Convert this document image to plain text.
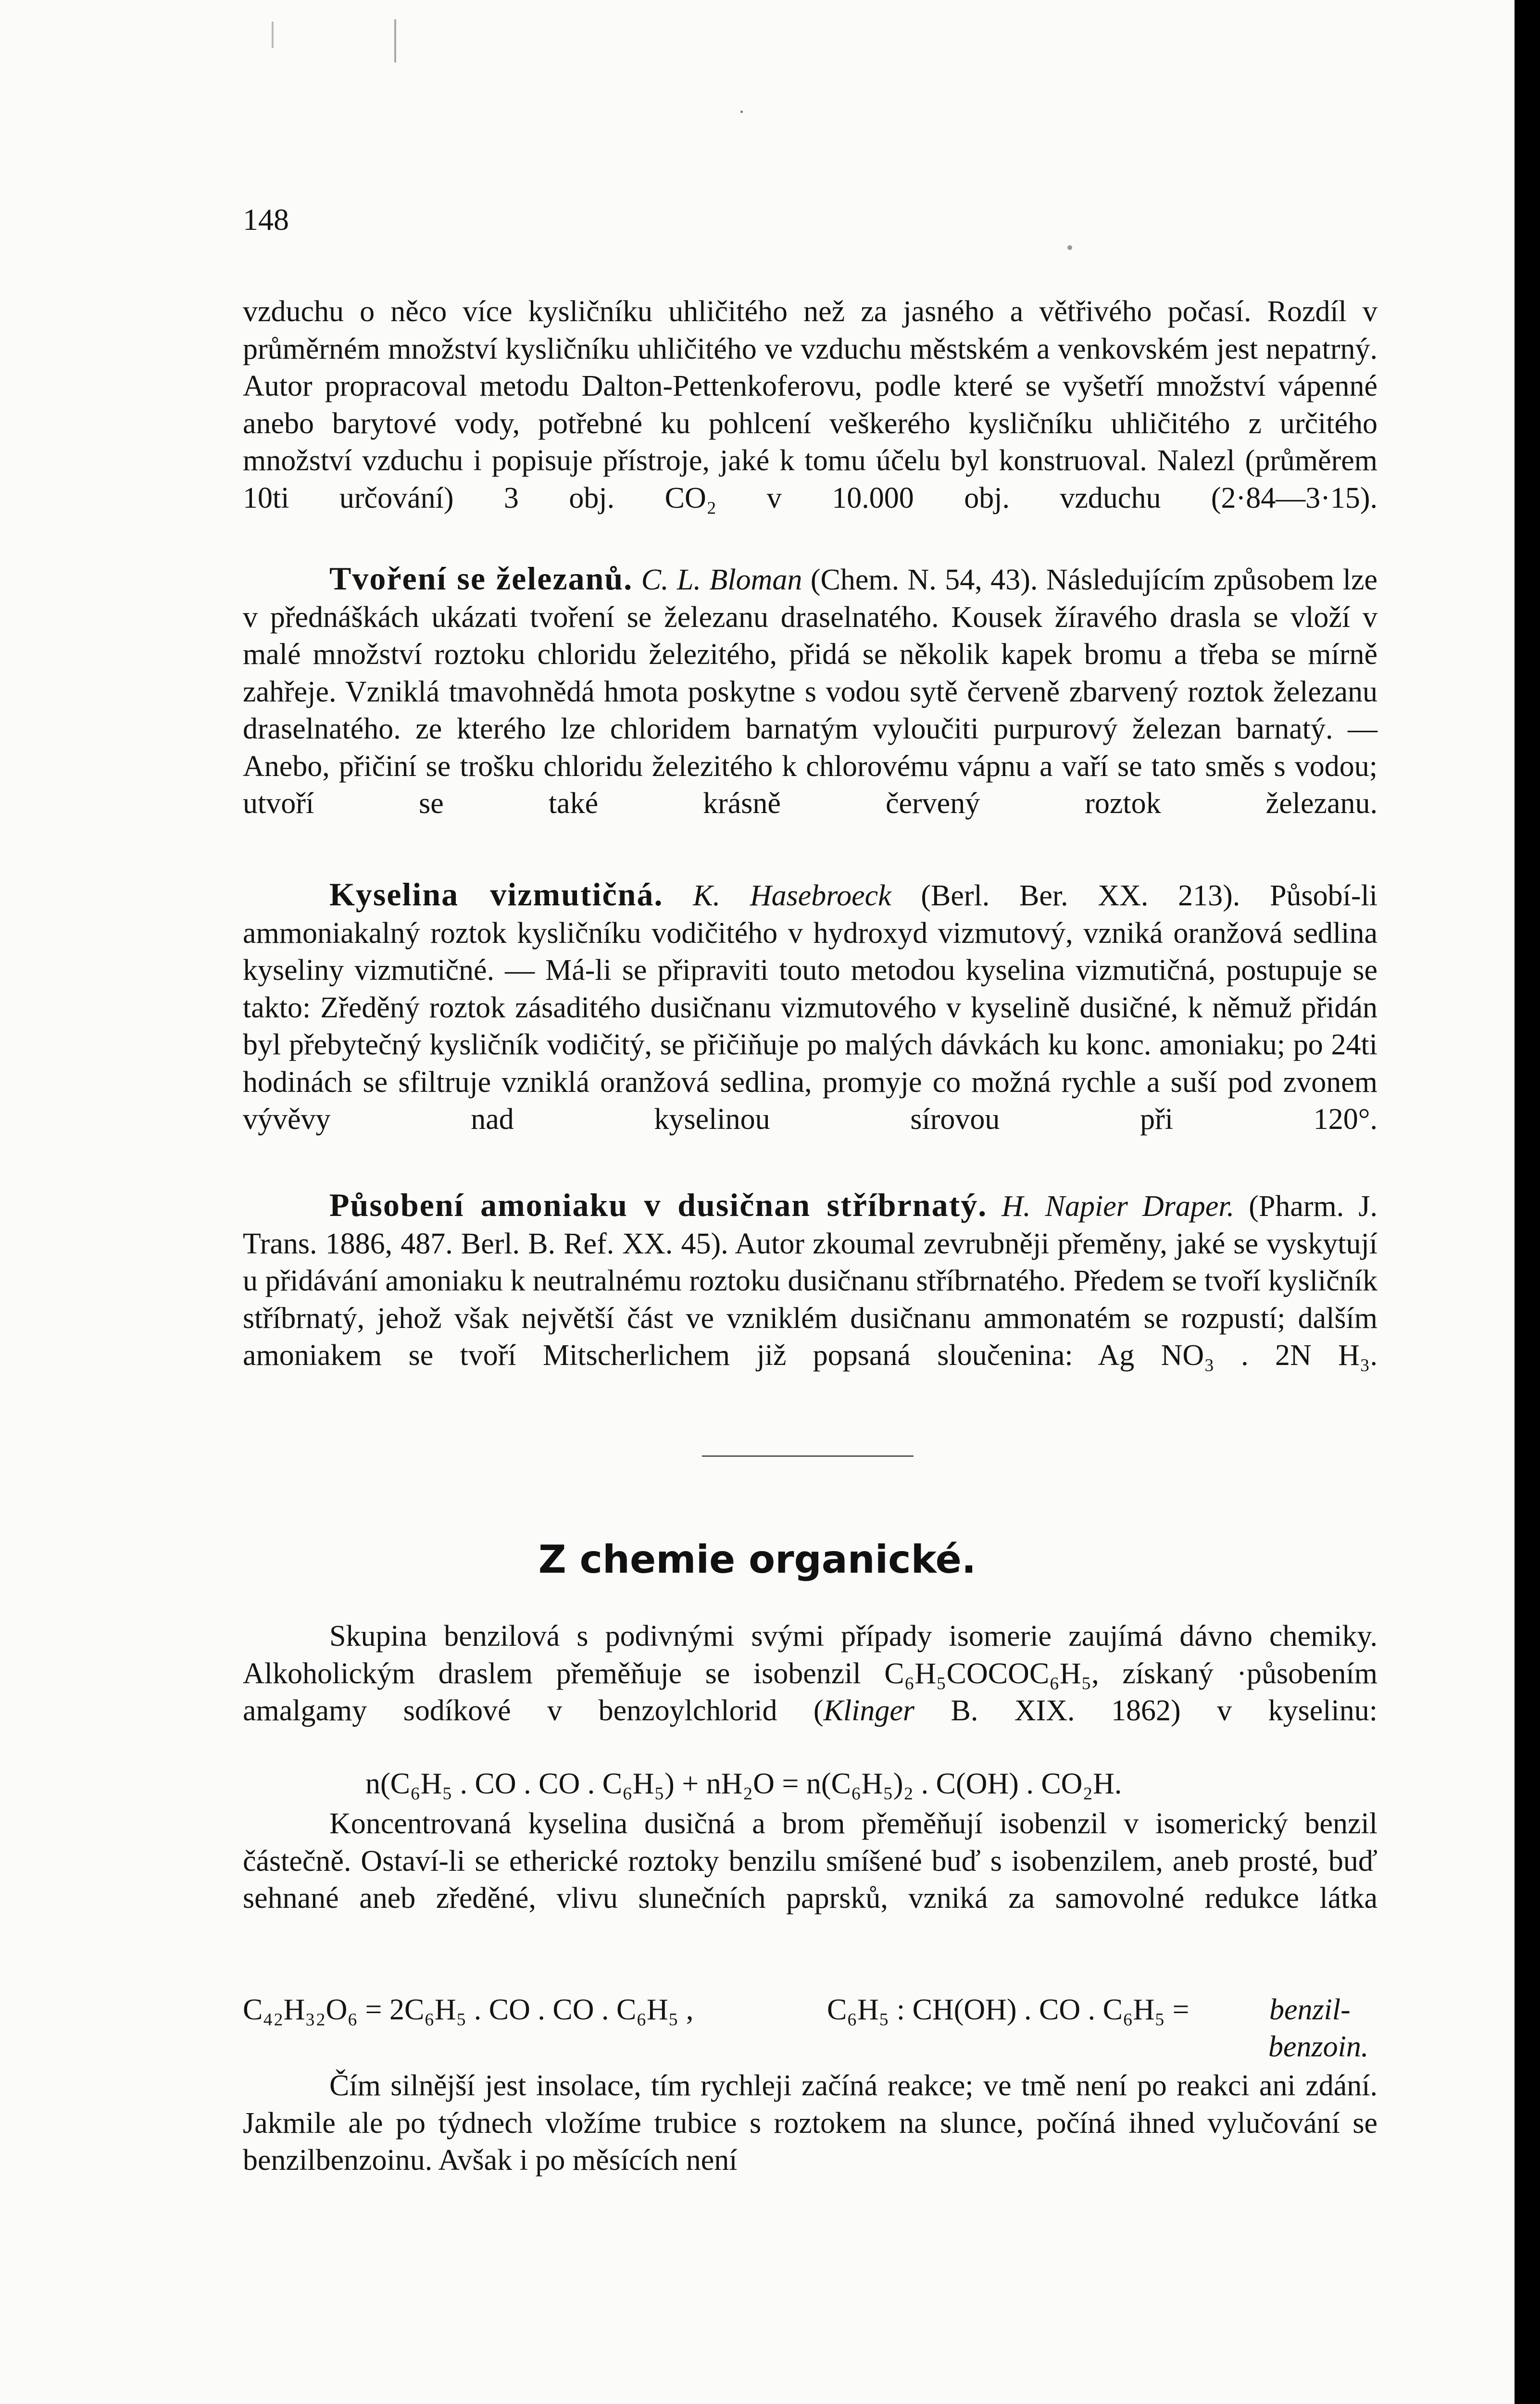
148

vzduchu o něco více kysličníku uhličitého než za jasného a větřivého počasí. Rozdíl v průměrném množství kysličníku uhličitého ve vzduchu městském a venkovském jest nepatrný. Autor propracoval metodu Dalton-Pettenkoferovu, podle které se vyšetří množství vápenné anebo barytové vody, potřebné ku pohlcení veškerého kysličníku uhličitého z určitého množství vzduchu i popisuje přístroje, jaké k tomu účelu byl konstruoval. Nalezl (průměrem 10ti určování) 3 obj. CO₂ v 10.000 obj. vzduchu (2·84—3·15).

Tvoření se železanů. C. L. Bloman (Chem. N. 54, 43). Následujícím způsobem lze v přednáškách ukázati tvoření se železanu draselnatého. Kousek žíravého drasla se vloží v malé množství roztoku chloridu železitého, přidá se několik kapek bromu a třeba se mírně zahřeje. Vzniklá tmavohnědá hmota poskytne s vodou sytě červeně zbarvený roztok železanu draselnatého. ze kterého lze chloridem barnatým vyloučiti purpurový železan barnatý. — Anebo, přičiní se trošku chloridu železitého k chlorovému vápnu a vaří se tato směs s vodou; utvoří se také krásně červený roztok železanu.

Kyselina vizmutičná. K. Hasebroeck (Berl. Ber. XX. 213). Působí-li ammoniakalný roztok kysličníku vodičitého v hydroxyd vizmutový, vzniká oranžová sedlina kyseliny vizmutičné. — Má-li se připraviti touto metodou kyselina vizmutičná, postupuje se takto: Zředěný roztok zásaditého dusičnanu vizmutového v kyselině dusičné, k němuž přidán byl přebytečný kysličník vodičitý, se přičiňuje po malých dávkách ku konc. amoniaku; po 24ti hodinách se sfiltruje vzniklá oranžová sedlina, promyje co možná rychle a suší pod zvonem vývěvy nad kyselinou sírovou při 120°.

Působení amoniaku v dusičnan stříbrnatý. H. Napier Draper. (Pharm. J. Trans. 1886, 487. Berl. B. Ref. XX. 45). Autor zkoumal zevrubněji přeměny, jaké se vyskytují u přidávání amoniaku k neutralnému roztoku dusičnanu stříbrnatého. Předem se tvoří kysličník stříbrnatý, jehož však největší část ve vzniklém dusičnanu ammonatém se rozpustí; dalším amoniakem se tvoří Mitscherlichem již popsaná sloučenina: Ag NO₃ . 2N H₃.

Z chemie organické.

Skupina benzilová s podivnými svými případy isomerie zaujímá dávno chemiky. Alkoholickým draslem přeměňuje se isobenzil C₆H₅COCOC₆H₅, získaný ·působením amalgamy sodíkové v benzoylchlorid (Klinger B. XIX. 1862) v kyselinu:

n(C₆H₅ . CO . CO . C₆H₅) + nH₂O = n(C₆H₅)₂ . C(OH) . CO₂H.

Koncentrovaná kyselina dusičná a brom přeměňují isobenzil v isomerický benzil částečně. Ostaví-li se etherické roztoky benzilu smíšené buď s isobenzilem, aneb prosté, buď sehnané aneb zředěné, vlivu slunečních paprsků, vzniká za samovolné redukce látka

C₄₂H₃₂O₆ = 2C₆H₅ . CO . CO . C₆H₅ ,	C₆H₅ : CH(OH) . CO . C₆H₅ =	benzil-

benzoin.

Čím silnější jest insolace, tím rychleji začíná reakce; ve tmě není po reakci ani zdání. Jakmile ale po týdnech vložíme trubice s roztokem na slunce, počíná ihned vylučování se benzilbenzoinu. Avšak i po měsících není
